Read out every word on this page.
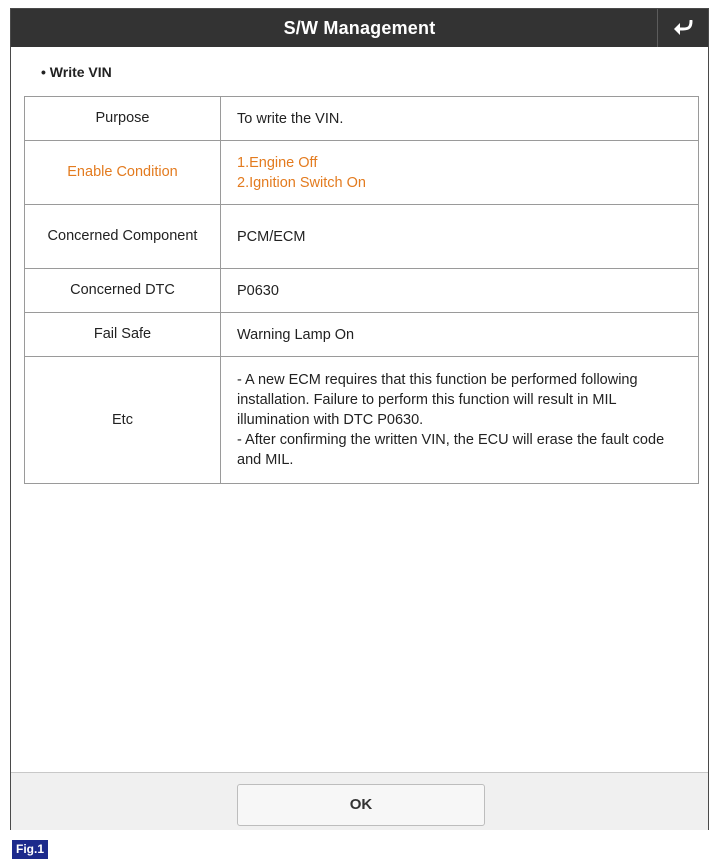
S/W Management
• Write VIN
Purpose	To write the VIN.

Enable Condition	1.Engine Off
2.Ignition Switch On

Concerned Component	PCM/ECM

Concerned DTC	P0630

Fail Safe	Warning Lamp On

Etc	- A new ECM requires that this function be performed following installation. Failure to perform this function will result in MIL illumination with DTC P0630.
- After confirming the written VIN, the ECU will erase the fault code and MIL.
OK
Fig.1
